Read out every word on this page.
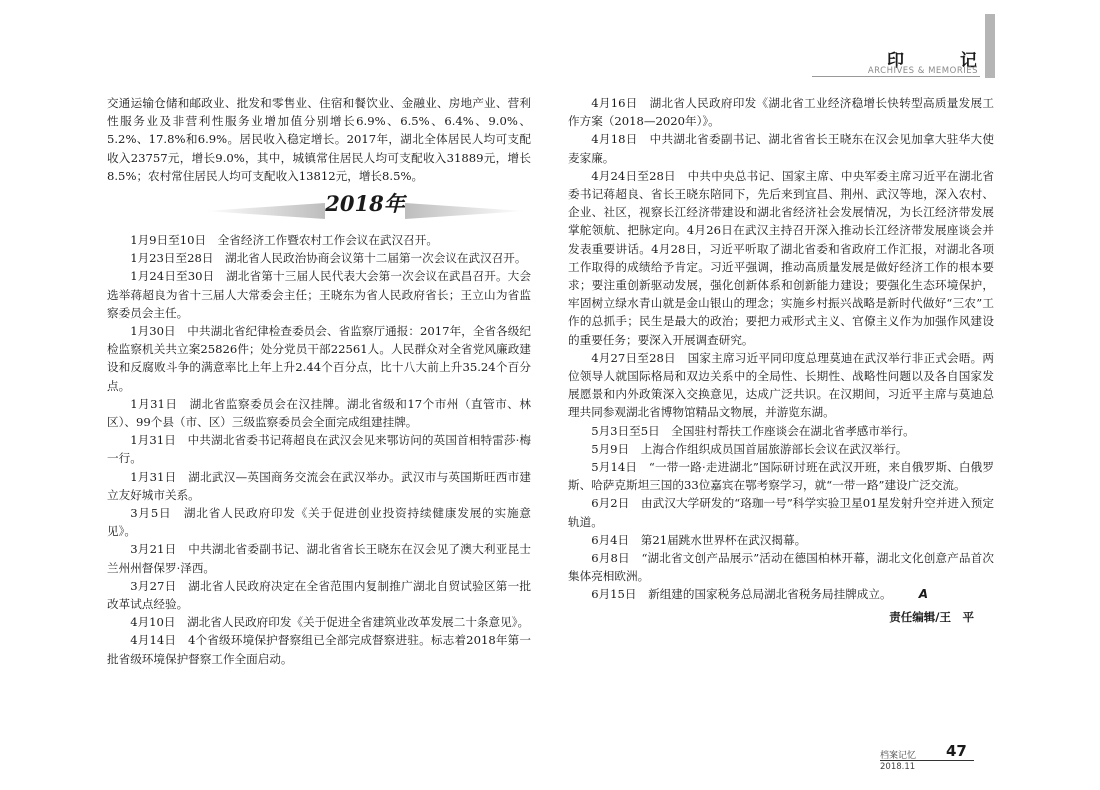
印	记
ARCHIVES & MEMORIES

交通运输仓储和邮政业、批发和零售业、住宿和餐饮业、金融业、房地产业、营利性服务业及非营利性服务业增加值分别增长6.9%、6.5%、6.4%、9.0%、5.2%、17.8%和6.9%。居民收入稳定增长。2017年，湖北全体居民人均可支配收入23757元，增长9.0%，其中，城镇常住居民人均可支配收入31889元，增长8.5%；农村常住居民人均可支配收入13812元，增长8.5%。

2018年

1月9日至10日　全省经济工作暨农村工作会议在武汉召开。

1月23日至28日　湖北省人民政治协商会议第十二届第一次会议在武汉召开。

1月24日至30日　湖北省第十三届人民代表大会第一次会议在武昌召开。大会选举蒋超良为省十三届人大常委会主任；王晓东为省人民政府省长；王立山为省监察委员会主任。

1月30日　中共湖北省纪律检查委员会、省监察厅通报：2017年，全省各级纪检监察机关共立案25826件；处分党员干部22561人。人民群众对全省党风廉政建设和反腐败斗争的满意率比上年上升2.44个百分点，比十八大前上升35.24个百分点。

1月31日　湖北省监察委员会在汉挂牌。湖北省级和17个市州（直管市、林区）、99个县（市、区）三级监察委员会全面完成组建挂牌。

1月31日　中共湖北省委书记蒋超良在武汉会见来鄂访问的英国首相特雷莎·梅一行。

1月31日　湖北武汉—英国商务交流会在武汉举办。武汉市与英国斯旺西市建立友好城市关系。

3月5日　湖北省人民政府印发《关于促进创业投资持续健康发展的实施意见》。

3月21日　中共湖北省委副书记、湖北省省长王晓东在汉会见了澳大利亚昆士兰州州督保罗·泽西。

3月27日　湖北省人民政府决定在全省范围内复制推广湖北自贸试验区第一批改革试点经验。

4月10日　湖北省人民政府印发《关于促进全省建筑业改革发展二十条意见》。

4月14日　4个省级环境保护督察组已全部完成督察进驻。标志着2018年第一批省级环境保护督察工作全面启动。

4月16日　湖北省人民政府印发《湖北省工业经济稳增长快转型高质量发展工作方案（2018—2020年）》。

4月18日　中共湖北省委副书记、湖北省省长王晓东在汉会见加拿大驻华大使麦家廉。

4月24日至28日　中共中央总书记、国家主席、中央军委主席习近平在湖北省委书记蒋超良、省长王晓东陪同下，先后来到宜昌、荆州、武汉等地，深入农村、企业、社区，视察长江经济带建设和湖北省经济社会发展情况，为长江经济带发展掌舵领航、把脉定向。4月26日在武汉主持召开深入推动长江经济带发展座谈会并发表重要讲话。4月28日，习近平听取了湖北省委和省政府工作汇报，对湖北各项工作取得的成绩给予肯定。习近平强调，推动高质量发展是做好经济工作的根本要求；要注重创新驱动发展，强化创新体系和创新能力建设；要强化生态环境保护，牢固树立绿水青山就是金山银山的理念；实施乡村振兴战略是新时代做好“三农”工作的总抓手；民生是最大的政治；要把力戒形式主义、官僚主义作为加强作风建设的重要任务；要深入开展调查研究。

4月27日至28日　国家主席习近平同印度总理莫迪在武汉举行非正式会晤。两位领导人就国际格局和双边关系中的全局性、长期性、战略性问题以及各自国家发展愿景和内外政策深入交换意见，达成广泛共识。在汉期间，习近平主席与莫迪总理共同参观湖北省博物馆精品文物展，并游览东湖。

5月3日至5日　全国驻村帮扶工作座谈会在湖北省孝感市举行。

5月9日　上海合作组织成员国首届旅游部长会议在武汉举行。

5月14日　“一带一路·走进湖北”国际研讨班在武汉开班，来自俄罗斯、白俄罗斯、哈萨克斯坦三国的33位嘉宾在鄂考察学习，就“一带一路”建设广泛交流。

6月2日　由武汉大学研发的“珞珈一号”科学实验卫星01星发射升空并进入预定轨道。

6月4日　第21届跳水世界杯在武汉揭幕。

6月8日　“湖北省文创产品展示”活动在德国柏林开幕，湖北文化创意产品首次集体亮相欧洲。

6月15日　新组建的国家税务总局湖北省税务局挂牌成立。 A

责任编辑/王　平
档案记忆 47
2018.11
